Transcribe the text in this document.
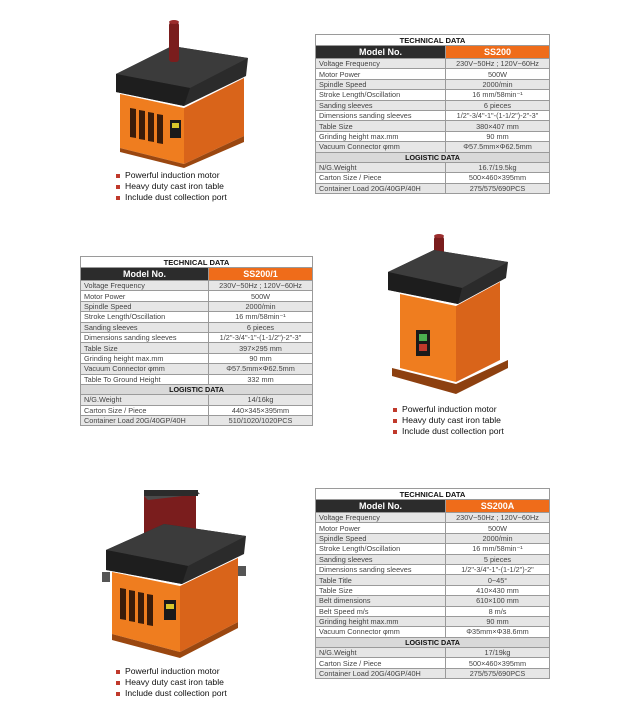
Powerful induction motor
Heavy duty cast iron table
Include dust collection port
TECHNICAL DATA	
Model No.	SS200
Voltage Frequency	230V~50Hz ; 120V~60Hz
Motor Power	500W
Spindle Speed	2000/min
Stroke Length/Oscillation	16 mm/58min⁻¹
Sanding sleeves	6 pieces
Dimensions sanding sleeves	1/2"-3/4"-1"-(1-1/2")-2"-3"
Table Size	380×407 mm
Grinding height max.mm	90 mm
Vacuum Connector φmm	Φ57.5mm×Φ62.5mm
LOGISTIC DATA	
N/G.Weight	16.7/19.5kg
Carton Size / Piece	500×460×395mm
Container Load 20G/40GP/40H	275/575/690PCS
TECHNICAL DATA	
Model No.	SS200/1
Voltage Frequency	230V~50Hz ; 120V~60Hz
Motor Power	500W
Spindle Speed	2000/min
Stroke Length/Oscillation	16 mm/58min⁻¹
Sanding sleeves	6 pieces
Dimensions sanding sleeves	1/2"-3/4"-1"-(1-1/2")-2"-3"
Table Size	397×295 mm
Grinding height max.mm	90 mm
Vacuum Connector φmm	Φ57.5mm×Φ62.5mm
Table To Ground Height	332 mm
LOGISTIC DATA	
N/G.Weight	14/16kg
Carton Size / Piece	440×345×395mm
Container Load 20G/40GP/40H	510/1020/1020PCS
Powerful induction motor
Heavy duty cast iron table
Include dust collection port
Powerful induction motor
Heavy duty cast iron table
Include dust collection port
TECHNICAL DATA	
Model No.	SS200A
Voltage Frequency	230V~50Hz ; 120V~60Hz
Motor Power	500W
Spindle Speed	2000/min
Stroke Length/Oscillation	16 mm/58min⁻¹
Sanding sleeves	5 pieces
Dimensions sanding sleeves	1/2"-3/4"-1"-(1-1/2")-2"
Table Title	0~45°
Table Size	410×430 mm
Belt dimensions	610×100 mm
Belt Speed m/s	8 m/s
Grinding height max.mm	90 mm
Vacuum Connector φmm	Φ35mm×Φ38.6mm
LOGISTIC DATA	
N/G.Weight	17/19kg
Carton Size / Piece	500×460×395mm
Container Load 20G/40GP/40H	275/575/690PCS
